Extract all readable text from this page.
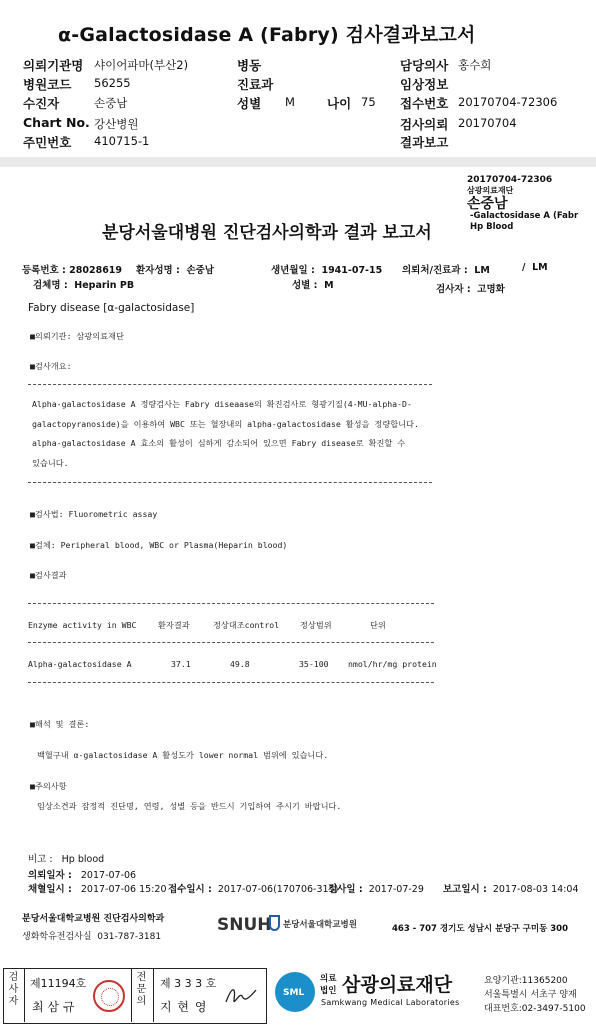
α-Galactosidase A (Fabry) 검사결과보고서
의뢰기관명 샤이어파마(부산2)	병동	담당의사 홍수희
병원코드 56255	진료과	임상정보
수진자	손중남	성별 M	나이 75 접수번호 20170704-72306
Chart No. 강산병원	검사의뢰 20170704
주민번호 410715-1	결과보고
20170704-72306
삼광의료재단
손중남
-Galactosidase A (Fabr
Hp Blood
분당서울대병원 진단검사의학과 결과 보고서
등록번호 : 28028619 환자성명 : 손중남	생년월일 : 1941-07-15 의뢰처/진료과 : LM	/ LM
검체명 : Heparin PB	성별 : M	검사자 : 고명화
Fabry disease [α-galactosidase]
■의뢰기관: 삼광의료재단
■검사개요:
Alpha-galactosidase A 정량검사는 Fabry diseaase의 확진검사로 형광기질(4-MU-alpha-D-
galactopyranoside)을 이용하여 WBC 또는 혈장내의 alpha-galactosidase 활성을 정량합니다.
alpha-galactosidase A 효소의 활성이 심하게 감소되어 있으면 Fabry disease로 확진할 수
있습니다.
■검사법: Fluorometric assay
■검체: Peripheral blood, WBC or Plasma(Heparin blood)
■검사결과
Enzyme activity in WBC	환자결과	정상대조control	정상범위	단위
Alpha-galactosidase A	37.1	49.8	35-100 nmol/hr/mg protein
■해석 및 결론:
백혈구내 α-galactosidase A 활성도가 lower normal 범위에 있습니다.
■주의사항
임상소견과 잠정적 진단명, 연령, 성별 등을 반드시 기입하여 주시기 바랍니다.
비고 : Hp blood
의뢰일자 : 2017-07-06
채혈일시 : 2017-07-06 15:20 접수일시 : 2017-07-06(170706-315)
검사일 : 2017-07-29 보고일시 : 2017-08-03 14:04
분당서울대학교병원 진단검사의학과
생화학유전검사실 031-787-3181
SNUH 분당서울대학교병원	463 - 707 경기도 성남시 분당구 구미동 300
검사자
제11194호
최 삼 규
전문의
제 3 3 3 호
지 현 영
SML
의료
법인 삼광의료재단
Samkwang Medical Laboratories
요양기관:11365200
서울특별시 서초구 양재
대표번호:02-3497-5100
